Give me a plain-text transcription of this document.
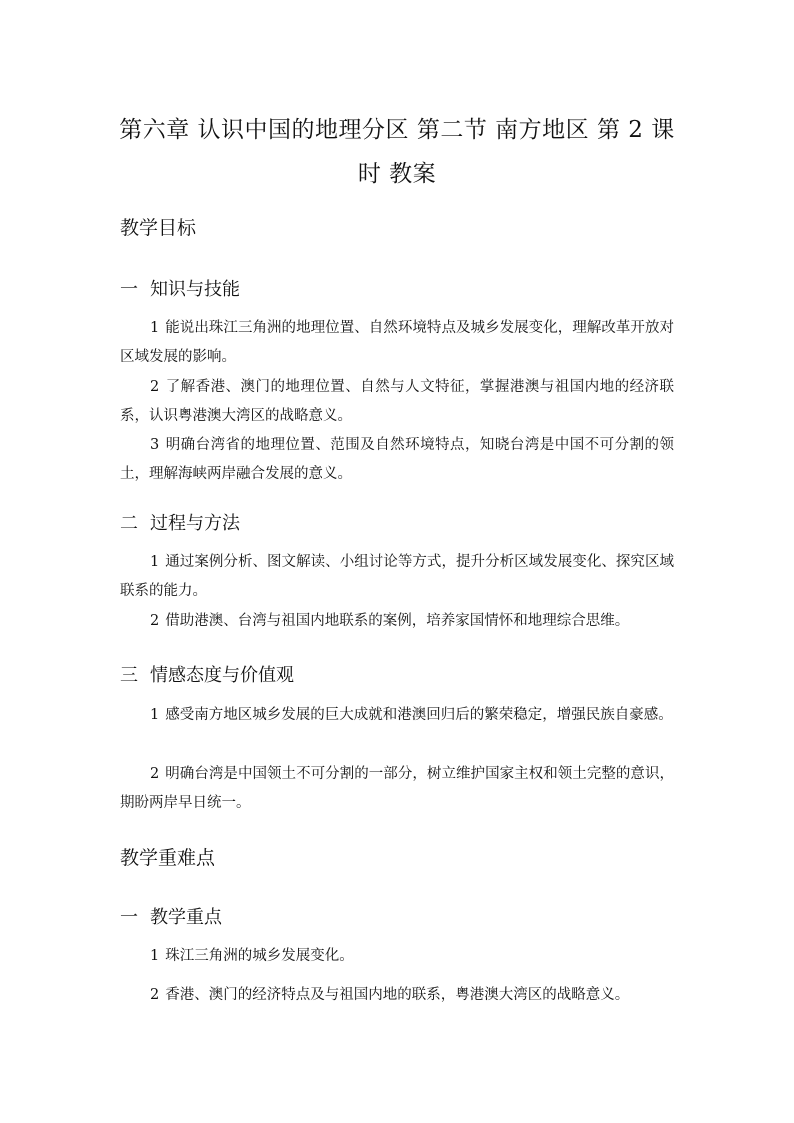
第六章 认识中国的地理分区 第二节 南方地区 第 2 课时 教案
教学目标
一 知识与技能

1 能说出珠江三角洲的地理位置、自然环境特点及城乡发展变化，理解改革开放对区域发展的影响。

2 了解香港、澳门的地理位置、自然与人文特征，掌握港澳与祖国内地的经济联系，认识粤港澳大湾区的战略意义。

3 明确台湾省的地理位置、范围及自然环境特点，知晓台湾是中国不可分割的领土，理解海峡两岸融合发展的意义。

二 过程与方法

1 通过案例分析、图文解读、小组讨论等方式，提升分析区域发展变化、探究区域联系的能力。

2 借助港澳、台湾与祖国内地联系的案例，培养家国情怀和地理综合思维。

三 情感态度与价值观

1 感受南方地区城乡发展的巨大成就和港澳回归后的繁荣稳定，增强民族自豪感。

2 明确台湾是中国领土不可分割的一部分，树立维护国家主权和领土完整的意识，期盼两岸早日统一。

教学重难点
一 教学重点

1 珠江三角洲的城乡发展变化。

2 香港、澳门的经济特点及与祖国内地的联系，粤港澳大湾区的战略意义。
